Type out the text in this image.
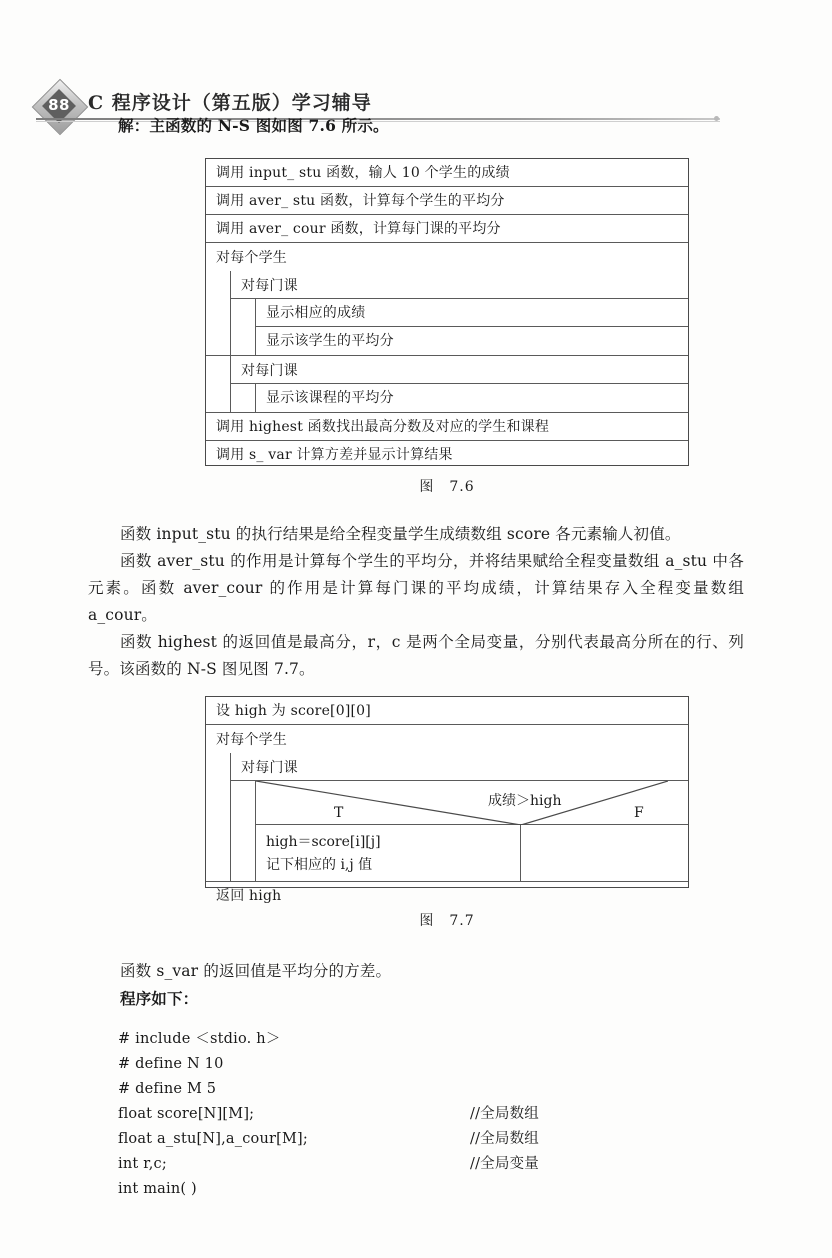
88 C 程序设计（第五版）学习辅导
解：主函数的 N-S 图如图 7.6 所示。
调用 input_ stu 函数，输人 10 个学生的成绩
调用 aver_ stu 函数，计算每个学生的平均分
调用 aver_ cour 函数，计算每门课的平均分
对每个学生
对每门课
显示相应的成绩
显示该学生的平均分
对每门课
显示该课程的平均分
调用 highest 函数找出最高分数及对应的学生和课程
调用 s_ var 计算方差并显示计算结果
图　7.6
函数 input_stu 的执行结果是给全程变量学生成绩数组 score 各元素输人初值。
函数 aver_stu 的作用是计算每个学生的平均分，并将结果赋给全程变量数组 a_stu 中各元素。函数 aver_cour 的作用是计算每门课的平均成绩，计算结果存入全程变量数组 a_cour。
函数 highest 的返回值是最高分，r，c 是两个全局变量，分别代表最高分所在的行、列号。该函数的 N-S 图见图 7.7。
设 high 为 score[0][0]
对每个学生
对每门课
成绩＞high
T	F
high＝score[i][j]
记下相应的 i,j 值
返回 high
图　7.7
函数 s_var 的返回值是平均分的方差。
程序如下：
# include ＜stdio. h＞
# define N 10
# define M 5
float score[N][M];	//全局数组
float a_stu[N],a_cour[M];	//全局数组
int r,c;	//全局变量
int main( )
